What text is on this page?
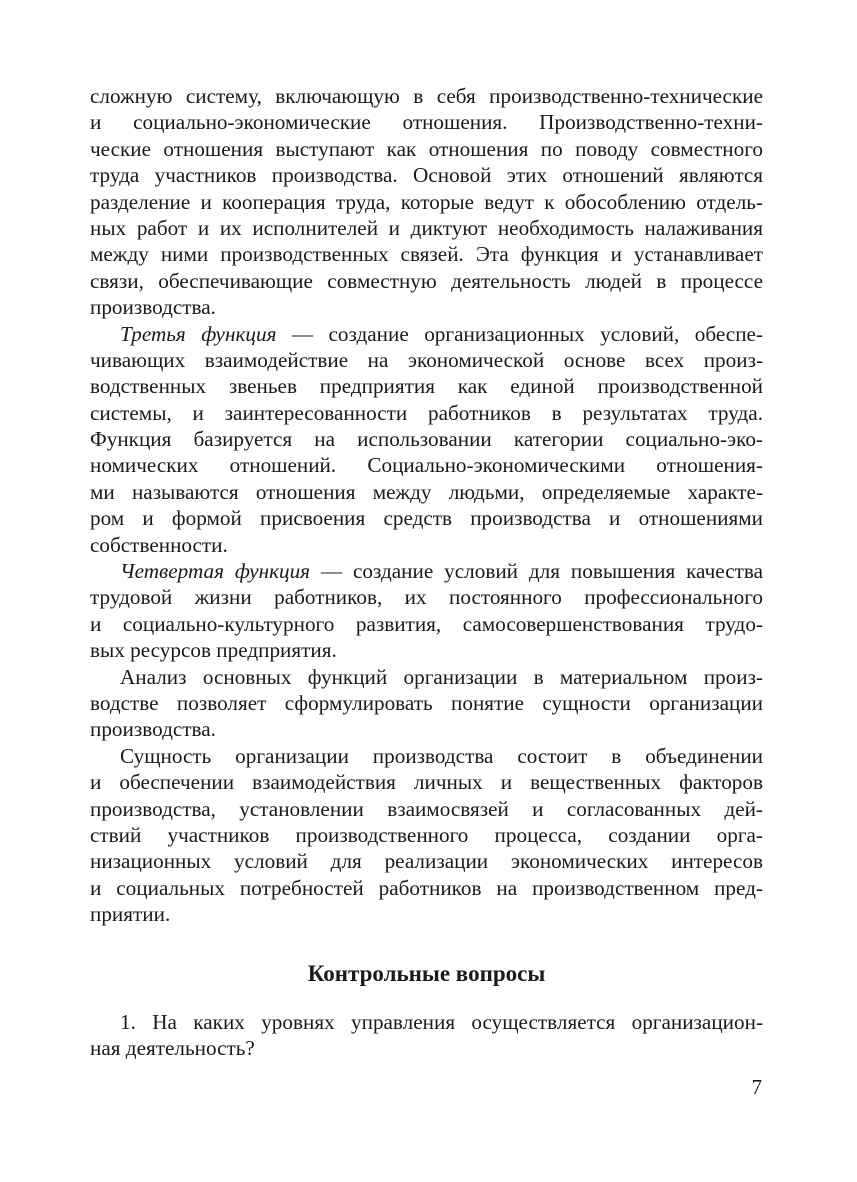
сложную систему, включающую в себя производственно-технические
и социально-экономические отношения. Производственно-техни-
ческие отношения выступают как отношения по поводу совместного
труда участников производства. Основой этих отношений являются
разделение и кооперация труда, которые ведут к обособлению отдель-
ных работ и их исполнителей и диктуют необходимость налаживания
между ними производственных связей. Эта функция и устанавливает
связи, обеспечивающие совместную деятельность людей в процессе
производства.
Третья функция — создание организационных условий, обеспе-
чивающих взаимодействие на экономической основе всех произ-
водственных звеньев предприятия как единой производственной
системы, и заинтересованности работников в результатах труда.
Функция базируется на использовании категории социально-эко-
номических отношений. Социально-экономическими отношения-
ми называются отношения между людьми, определяемые характе-
ром и формой присвоения средств производства и отношениями
собственности.
Четвертая функция — создание условий для повышения качества
трудовой жизни работников, их постоянного профессионального
и социально-культурного развития, самосовершенствования трудо-
вых ресурсов предприятия.
Анализ основных функций организации в материальном произ-
водстве позволяет сформулировать понятие сущности организации
производства.
Сущность организации производства состоит в объединении
и обеспечении взаимодействия личных и вещественных факторов
производства, установлении взаимосвязей и согласованных дей-
ствий участников производственного процесса, создании орга-
низационных условий для реализации экономических интересов
и социальных потребностей работников на производственном пред-
приятии.
Контрольные вопросы
1. На каких уровнях управления осуществляется организацион-
ная деятельность?
7
